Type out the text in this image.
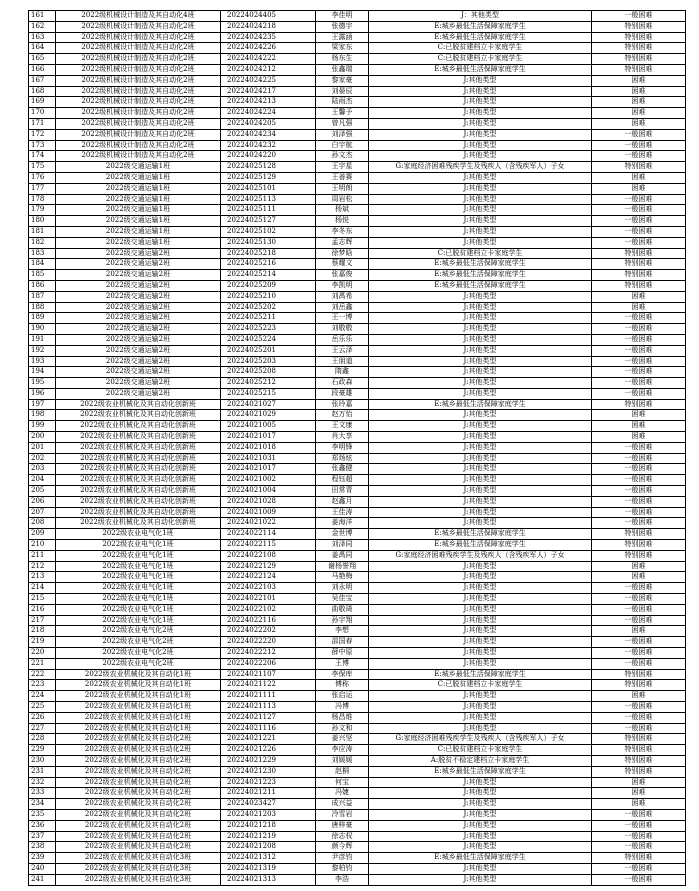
161	2022级机械设计制造及其自动化4班	20224024405	李佳明	J：其他类型	一般困难
162	2022级机械设计制造及其自动化2班	20224024218	张德宇	E:城乡最低生活保障家庭学生	特别困难
163	2022级机械设计制造及其自动化2班	20224024235	王露涵	E:城乡最低生活保障家庭学生	特别困难
164	2022级机械设计制造及其自动化2班	20224024226	梁家东	C:已脱贫建档立卡家庭学生	特别困难
165	2022级机械设计制造及其自动化2班	20224024222	杨东生	C:已脱贫建档立卡家庭学生	特别困难
166	2022级机械设计制造及其自动化2班	20224024212	张鑫瑞	E:城乡最低生活保障家庭学生	特别困难
167	2022级机械设计制造及其自动化2班	20224024225	黎家豪	J:其他类型	困难
168	2022级机械设计制造及其自动化2班	20224024217	刘晏辰	J:其他类型	困难
169	2022级机械设计制造及其自动化2班	20224024213	陆雨杰	J:其他类型	困难
170	2022级机械设计制造及其自动化2班	20224024224	王馨予	J:其他类型	困难
171	2022级机械设计制造及其自动化2班	20224024205	曾凡强	J:其他类型	困难
172	2022级机械设计制造及其自动化2班	20224024234	刘泽强	J:其他类型	一般困难
173	2022级机械设计制造及其自动化2班	20224024232	白宇航	J:其他类型	一般困难
174	2022级机械设计制造及其自动化2班	20224024220	孙文杰	J:其他类型	一般困难
175	2022级交通运输1班	20224025128	王宇星	G:家庭经济困难残疾学生及残疾人（含残疾军人）子女	特别困难
176	2022级交通运输1班	20224025129	王善赛	J:其他类型	困难
177	2022级交通运输1班	20224025101	王明朗	J:其他类型	困难
178	2022级交通运输1班	20224025113	周岩松	J:其他类型	一般困难
179	2022级交通运输1班	20224025111	杨斌	J:其他类型	一般困难
180	2022级交通运输1班	20224025127	杨悦	J:其他类型	一般困难
181	2022级交通运输1班	20224025102	李冬东	J:其他类型	一般困难
182	2022级交通运输1班	20224025130	孟志辉	J:其他类型	一般困难
183	2022级交通运输2班	20224025218	徐梦晗	C:已脱贫建档立卡家庭学生	特别困难
184	2022级交通运输2班	20224025216	蔡耀文	E:城乡最低生活保障家庭学生	特别困难
185	2022级交通运输2班	20224025214	张嘉俊	E:城乡最低生活保障家庭学生	特别困难
186	2022级交通运输2班	20224025209	李凯明	E:城乡最低生活保障家庭学生	特别困难
187	2022级交通运输2班	20224025210	刘禹希	J:其他类型	困难
188	2022级交通运输2班	20224025202	刘岳鑫	J:其他类型	困难
189	2022级交通运输2班	20224025211	王一博	J:其他类型	一般困难
190	2022级交通运输2班	20224025223	刘敬敬	J:其他类型	一般困难
191	2022级交通运输2班	20224025224	岳乐乐	J:其他类型	一般困难
192	2022级交通运输2班	20224025201	王云泽	J:其他类型	一般困难
193	2022级交通运输2班	20224025203	王朋道	J:其他类型	一般困难
194	2022级交通运输2班	20224025208	隋鑫	J:其他类型	一般困难
195	2022级交通运输2班	20224025212	石政森	J:其他类型	一般困难
196	2022级交通运输2班	20224025215	段豪雄	J:其他类型	一般困难
197	2022级农业机械化及其自动化创新班	20224021027	张玲嘉	E:城乡最低生活保障家庭学生	特别困难
198	2022级农业机械化及其自动化创新班	20224021029	赵万怡	J:其他类型	困难
199	2022级农业机械化及其自动化创新班	20224021005	王文康	J:其他类型	困难
200	2022级农业机械化及其自动化创新班	20224021017	肖大享	J:其他类型	困难
201	2022级农业机械化及其自动化创新班	20224021018	李明锋	J:其他类型	一般困难
202	2022级农业机械化及其自动化创新班	20224021031	郑炀炫	J:其他类型	一般困难
203	2022级农业机械化及其自动化创新班	20224021017	张鑫健	J:其他类型	一般困难
204	2022级农业机械化及其自动化创新班	20224021002	程钰超	J:其他类型	一般困难
205	2022级农业机械化及其自动化创新班	20224021004	田常青	J:其他类型	一般困难
206	2022级农业机械化及其自动化创新班	20224021028	赵鑫月	J:其他类型	一般困难
207	2022级农业机械化及其自动化创新班	20224021009	王佳涛	J:其他类型	一般困难
208	2022级农业机械化及其自动化创新班	20224021022	姜海洋	J:其他类型	一般困难
209	2022级农业电气化1班	20224022114	金世博	E:城乡最低生活保障家庭学生	特别困难
210	2022级农业电气化1班	20224022115	刘泽同	E:城乡最低生活保障家庭学生	特别困难
211	2022级农业电气化1班	20224022108	姜禹同	G:家庭经济困难残疾学生及残疾人（含残疾军人）子女	特别困难
212	2022级农业电气化1班	20224022129	谢杨誉翔	J:其他类型	困难
213	2022级农业电气化1班	20224022124	马艳梅	J:其他类型	困难
214	2022级农业电气化1班	20224022103	刘永明	J:其他类型	一般困难
215	2022级农业电气化1班	20224022101	吴佳宝	J:其他类型	一般困难
216	2022级农业电气化1班	20224022102	曲敬琦	J:其他类型	一般困难
217	2022级农业电气化1班	20224022116	孙宇翔	J:其他类型	一般困难
218	2022级农业电气化2班	20224022202	李想	J:其他类型	困难
219	2022级农业电气化2班	20224022220	邵国春	J:其他类型	一般困难
220	2022级农业电气化2班	20224022212	薛中原	J:其他类型	一般困难
221	2022级农业电气化2班	20224022206	王博	J:其他类型	一般困难
222	2022级农业机械化及其自动化1班	20224021107	李保库	E:城乡最低生活保障家庭学生	特别困难
223	2022级农业机械化及其自动化1班	20224021122	傅称	C:已脱贫建档立卡家庭学生	特别困难
224	2022级农业机械化及其自动化1班	20224021111	张启运	J:其他类型	困难
225	2022级农业机械化及其自动化1班	20224021113	冯博	J:其他类型	一般困难
226	2022级农业机械化及其自动化1班	20224021127	杨昌维	J:其他类型	一般困难
227	2022级农业机械化及其自动化1班	20224021116	孙文和	J:其他类型	一般困难
228	2022级农业机械化及其自动化2班	20224021221	姜兴坚	G:家庭经济困难残疾学生及残疾人（含残疾军人）子女	特别困难
229	2022级农业机械化及其自动化2班	20224021226	李应涛	C:已脱贫建档立卡家庭学生	特别困难
230	2022级农业机械化及其自动化2班	20224021229	刘媛媛	A:脱贫不稳定建档立卡家庭学生	特别困难
231	2022级农业机械化及其自动化2班	20224021230	赵桐	E:城乡最低生活保障家庭学生	特别困难
232	2022级农业机械化及其自动化2班	20224021223	何宝	J:其他类型	困难
233	2022级农业机械化及其自动化2班	20224021211	冯婕	J:其他类型	困难
234	2022级农业机械化及其自动化2班	20224023427	成兴益	J:其他类型	困难
235	2022级农业机械化及其自动化2班	20224021203	冷雪岩	J:其他类型	一般困难
236	2022级农业机械化及其自动化2班	20224021218	唐梓豪	J:其他类型	一般困难
237	2022级农业机械化及其自动化2班	20224021219	徐志权	J:其他类型	一般困难
238	2022级农业机械化及其自动化2班	20224021208	颜今辉	J:其他类型	一般困难
239	2022级农业机械化及其自动化3班	20224021312	尹彦钧	E:城乡最低生活保障家庭学生	特别困难
240	2022级农业机械化及其自动化3班	20224021319	黎柏钧	J:其他类型	一般困难
241	2022级农业机械化及其自动化3班	20224021313	李浩	J:其他类型	一般困难
